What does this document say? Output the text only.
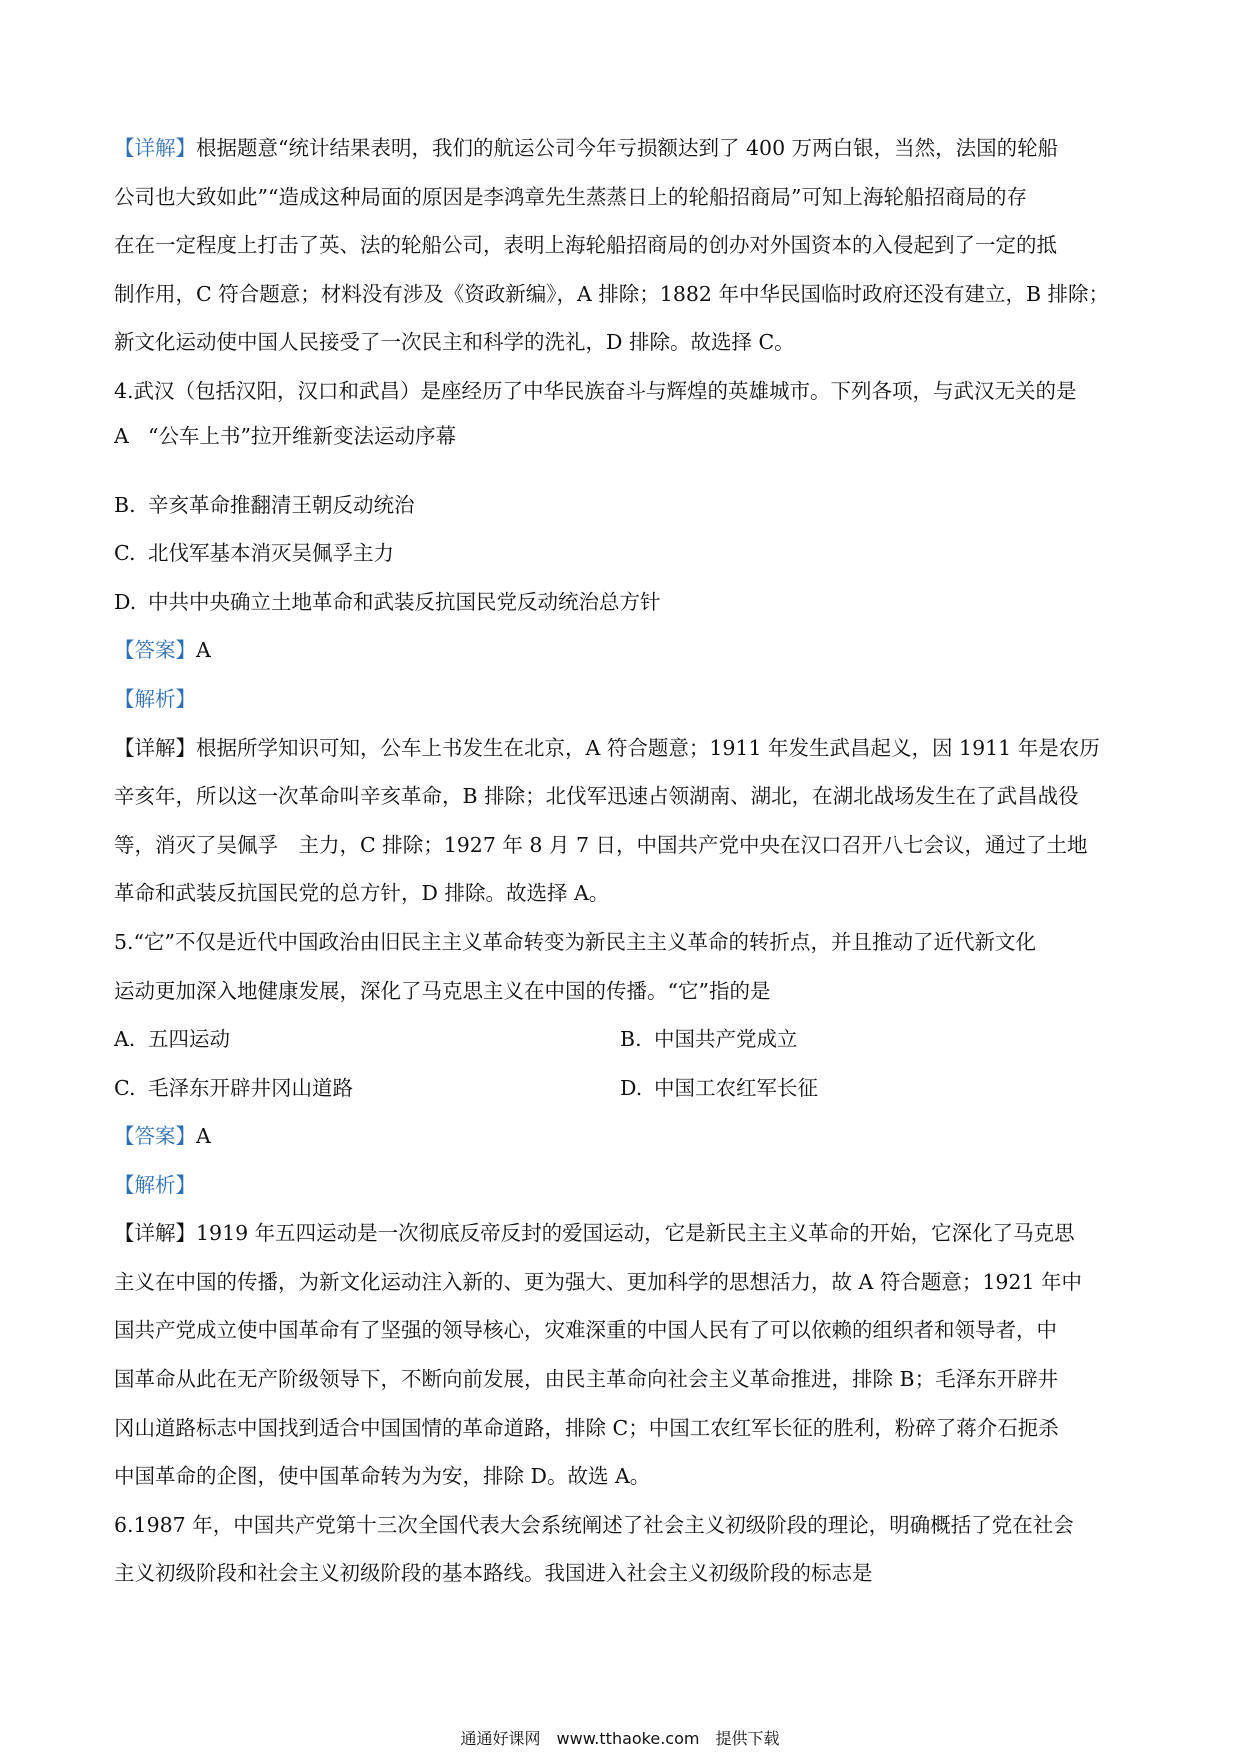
【详解】根据题意“统计结果表明，我们的航运公司今年亏损额达到了 400 万两白银，当然，法国的轮船
公司也大致如此”“造成这种局面的原因是李鸿章先生蒸蒸日上的轮船招商局”可知上海轮船招商局的存
在在一定程度上打击了英、法的轮船公司，表明上海轮船招商局的创办对外国资本的入侵起到了一定的抵
制作用，C 符合题意；材料没有涉及《资政新编》，A 排除；1882 年中华民国临时政府还没有建立，B 排除；
新文化运动使中国人民接受了一次民主和科学的洗礼，D 排除。故选择 C。
4.武汉（包括汉阳，汉口和武昌）是座经历了中华民族奋斗与辉煌的英雄城市。下列各项，与武汉无关的是
A “公车上书”拉开维新变法运动序幕
B. 辛亥革命推翻清王朝反动统治
C. 北伐军基本消灭吴佩孚主力
D. 中共中央确立土地革命和武装反抗国民党反动统治总方针
【答案】A
【解析】
【详解】根据所学知识可知，公车上书发生在北京，A 符合题意；1911 年发生武昌起义，因 1911 年是农历
辛亥年，所以这一次革命叫辛亥革命，B 排除；北伐军迅速占领湖南、湖北，在湖北战场发生在了武昌战役
等，消灭了吴佩孚　主力，C 排除；1927 年 8 月 7 日，中国共产党中央在汉口召开八七会议，通过了土地
革命和武装反抗国民党的总方针，D 排除。故选择 A。
5.“它”不仅是近代中国政治由旧民主主义革命转变为新民主主义革命的转折点，并且推动了近代新文化
运动更加深入地健康发展，深化了马克思主义在中国的传播。“它”指的是
A. 五四运动	B. 中国共产党成立
C. 毛泽东开辟井冈山道路	D. 中国工农红军长征
【答案】A
【解析】
【详解】1919 年五四运动是一次彻底反帝反封的爱国运动，它是新民主主义革命的开始，它深化了马克思
主义在中国的传播，为新文化运动注入新的、更为强大、更加科学的思想活力，故 A 符合题意；1921 年中
国共产党成立使中国革命有了坚强的领导核心，灾难深重的中国人民有了可以依赖的组织者和领导者，中
国革命从此在无产阶级领导下，不断向前发展，由民主革命向社会主义革命推进，排除 B；毛泽东开辟井
冈山道路标志中国找到适合中国国情的革命道路，排除 C；中国工农红军长征的胜利，粉碎了蒋介石扼杀
中国革命的企图，使中国革命转为为安，排除 D。故选 A。
6.1987 年，中国共产党第十三次全国代表大会系统阐述了社会主义初级阶段的理论，明确概括了党在社会
主义初级阶段和社会主义初级阶段的基本路线。我国进入社会主义初级阶段的标志是
通通好课网　www.tthaoke.com　提供下载
